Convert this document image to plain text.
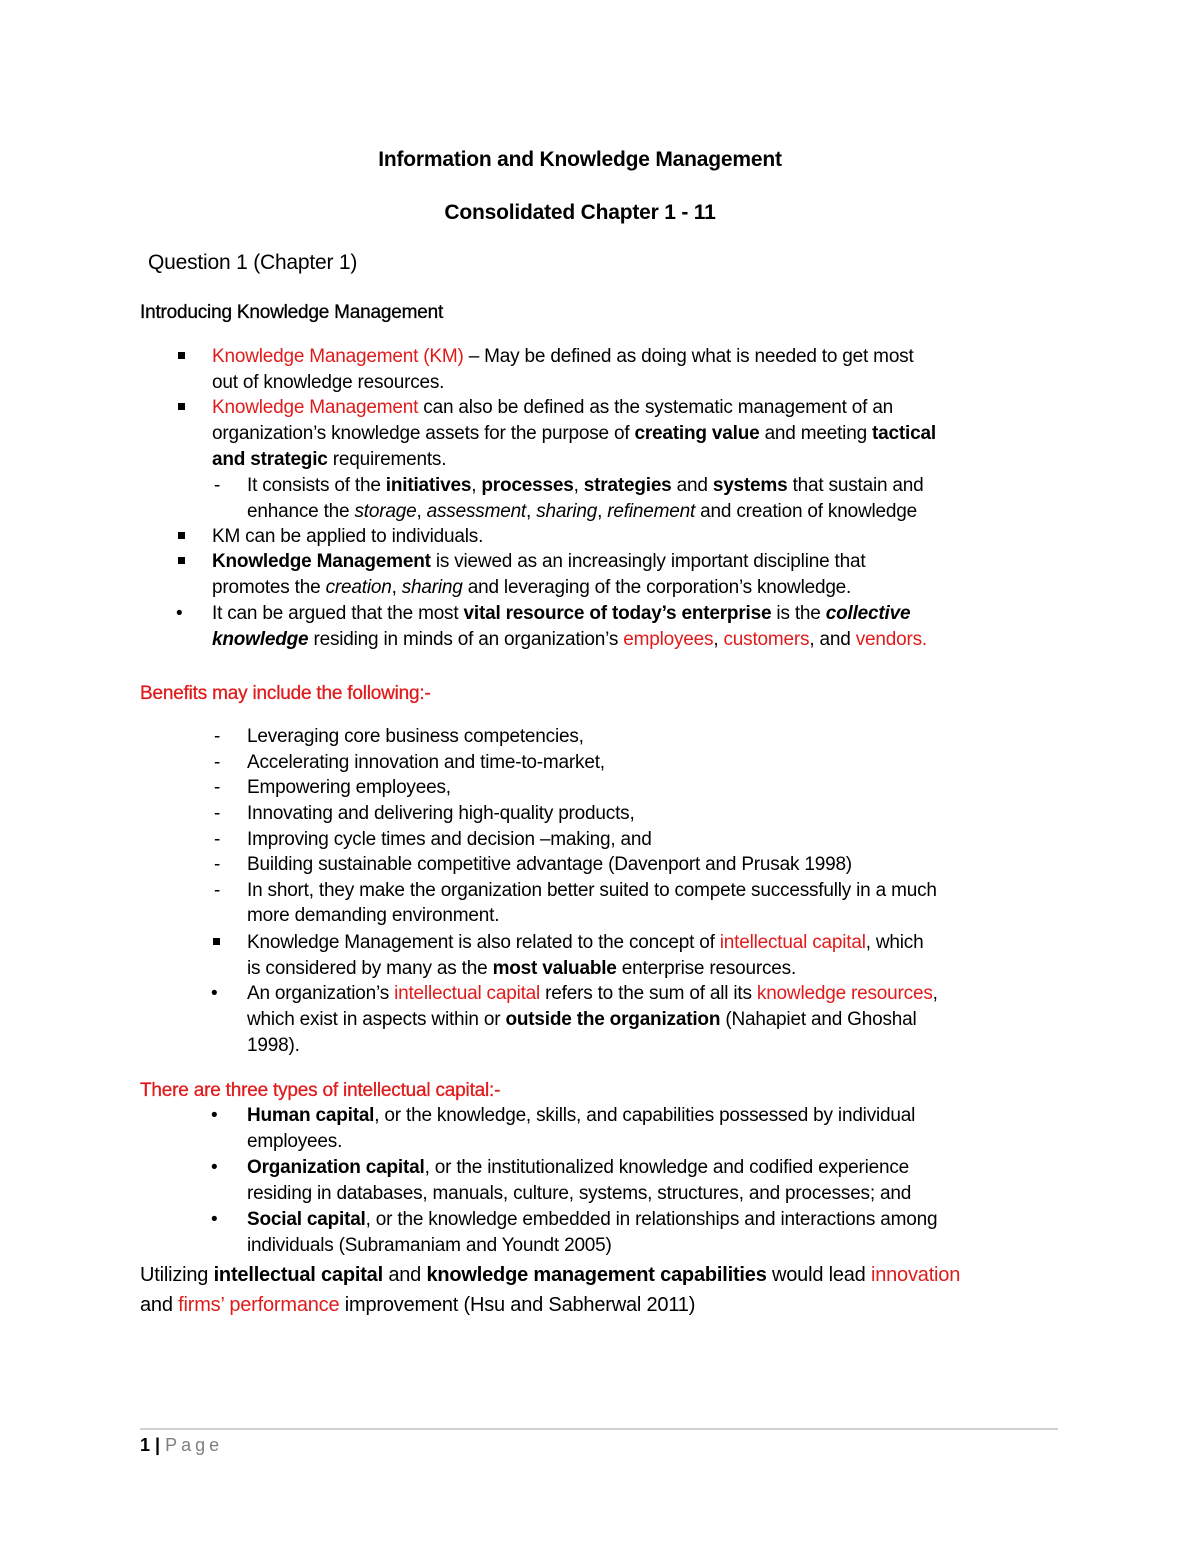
Information and Knowledge Management
Consolidated Chapter 1 - 11
Question 1 (Chapter 1)
Introducing Knowledge Management
Knowledge Management (KM) – May be defined as doing what is needed to get most
out of knowledge resources.
Knowledge Management can also be defined as the systematic management of an
organization’s knowledge assets for the purpose of creating value and meeting tactical
and strategic requirements.
- It consists of the initiatives, processes, strategies and systems that sustain and
enhance the storage, assessment, sharing, refinement and creation of knowledge
KM can be applied to individuals.
Knowledge Management is viewed as an increasingly important discipline that
promotes the creation, sharing and leveraging of the corporation’s knowledge.
• It can be argued that the most vital resource of today’s enterprise is the collective
knowledge residing in minds of an organization’s employees, customers, and vendors.
Benefits may include the following:-
- Leveraging core business competencies,
- Accelerating innovation and time-to-market,
- Empowering employees,
- Innovating and delivering high-quality products,
- Improving cycle times and decision –making, and
- Building sustainable competitive advantage (Davenport and Prusak 1998)
- In short, they make the organization better suited to compete successfully in a much
more demanding environment.
Knowledge Management is also related to the concept of intellectual capital, which
is considered by many as the most valuable enterprise resources.
• An organization’s intellectual capital refers to the sum of all its knowledge resources,
which exist in aspects within or outside the organization (Nahapiet and Ghoshal
1998).
There are three types of intellectual capital:-
• Human capital, or the knowledge, skills, and capabilities possessed by individual
employees.
• Organization capital, or the institutionalized knowledge and codified experience
residing in databases, manuals, culture, systems, structures, and processes; and
• Social capital, or the knowledge embedded in relationships and interactions among
individuals (Subramaniam and Youndt 2005)
Utilizing intellectual capital and knowledge management capabilities would lead innovation
and firms’ performance improvement (Hsu and Sabherwal 2011)
1 | Page
